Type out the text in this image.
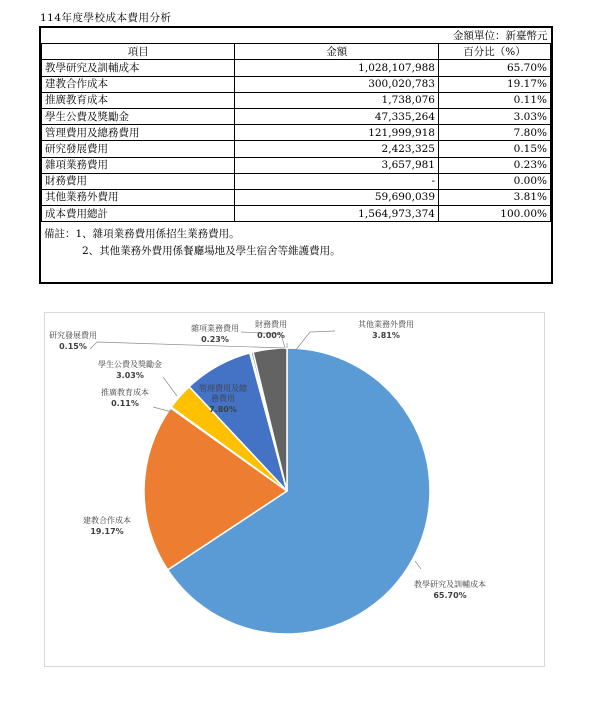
114年度學校成本費用分析
金額單位：新臺幣元		
項目	金額	百分比（%）
教學研究及訓輔成本	1,028,107,988	65.70%
建教合作成本	300,020,783	19.17%
推廣教育成本	1,738,076	0.11%
學生公費及獎勵金	47,335,264	3.03%
管理費用及總務費用	121,999,918	7.80%
研究發展費用	2,423,325	0.15%
雜項業務費用	3,657,981	0.23%
財務費用	-	0.00%
其他業務外費用	59,690,039	3.81%
成本費用總計	1,564,973,374	100.00%
備註：1、雜項業務費用係招生業務費用。
2、其他業務外費用係餐廳場地及學生宿舍等維護費用。
教學研究及訓輔成本
65.70%
建教合作成本
19.17%
推廣教育成本
0.11%
學生公費及獎勵金
3.03%
管理費用及總
務費用
7.80%
研究發展費用
0.15%
雜項業務費用
0.23%
財務費用
0.00%
其他業務外費用
3.81%
